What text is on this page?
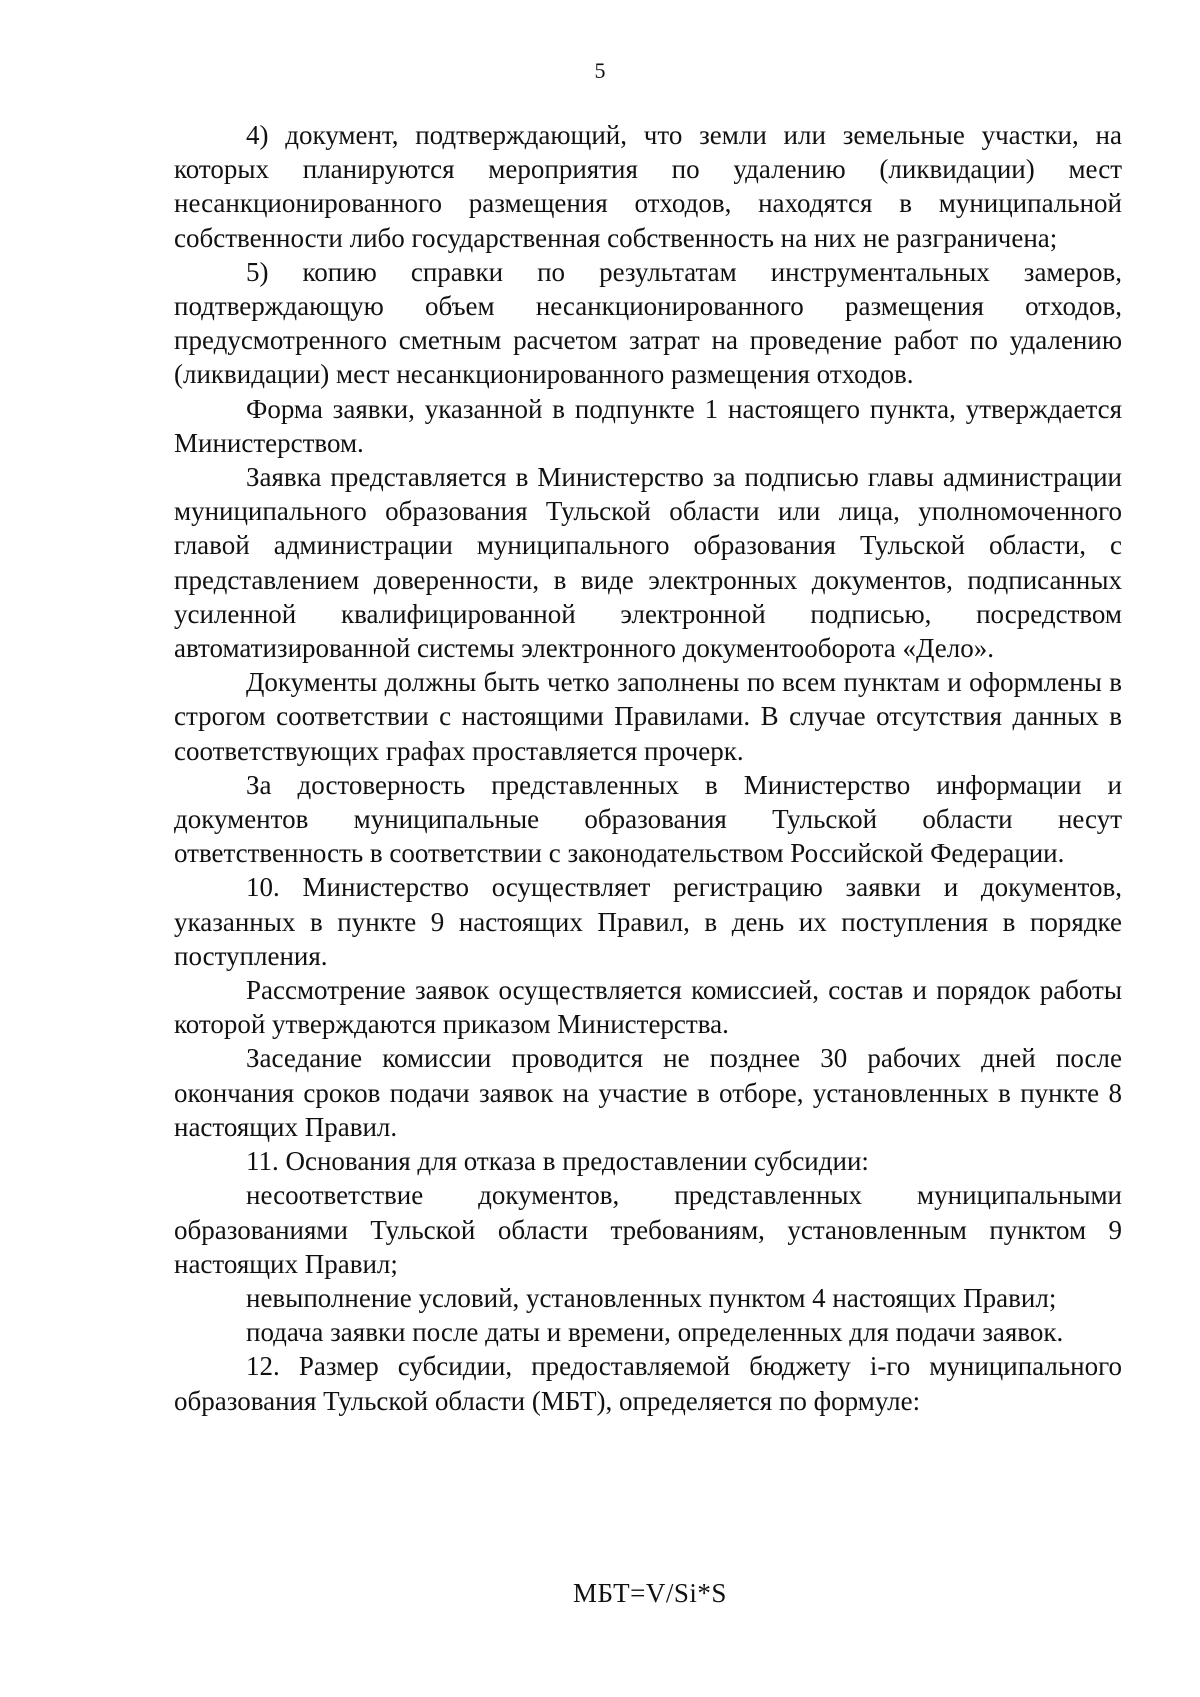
5

4) документ, подтверждающий, что земли или земельные участки, на которых планируются мероприятия по удалению (ликвидации) мест несанкционированного размещения отходов, находятся в муниципальной собственности либо государственная собственность на них не разграничена;

5) копию справки по результатам инструментальных замеров, подтверждающую объем несанкционированного размещения отходов, предусмотренного сметным расчетом затрат на проведение работ по удалению (ликвидации) мест несанкционированного размещения отходов.

Форма заявки, указанной в подпункте 1 настоящего пункта, утверждается Министерством.

Заявка представляется в Министерство за подписью главы администрации муниципального образования Тульской области или лица, уполномоченного главой администрации муниципального образования Тульской области, с представлением доверенности, в виде электронных документов, подписанных усиленной квалифицированной электронной подписью, посредством автоматизированной системы электронного документооборота «Дело».

Документы должны быть четко заполнены по всем пунктам и оформлены в строгом соответствии с настоящими Правилами. В случае отсутствия данных в соответствующих графах проставляется прочерк.

За достоверность представленных в Министерство информации и документов муниципальные образования Тульской области несут ответственность в соответствии с законодательством Российской Федерации.

10. Министерство осуществляет регистрацию заявки и документов, указанных в пункте 9 настоящих Правил, в день их поступления в порядке поступления.

Рассмотрение заявок осуществляется комиссией, состав и порядок работы которой утверждаются приказом Министерства.

Заседание комиссии проводится не позднее 30 рабочих дней после окончания сроков подачи заявок на участие в отборе, установленных в пункте 8 настоящих Правил.

11. Основания для отказа в предоставлении субсидии:

несоответствие документов, представленных муниципальными образованиями Тульской области требованиям, установленным пунктом 9 настоящих Правил;

невыполнение условий, установленных пунктом 4 настоящих Правил;

подача заявки после даты и времени, определенных для подачи заявок.

12. Размер субсидии, предоставляемой бюджету i-го муниципального образования Тульской области (МБТ), определяется по формуле:

МБТ=V/Si*S
